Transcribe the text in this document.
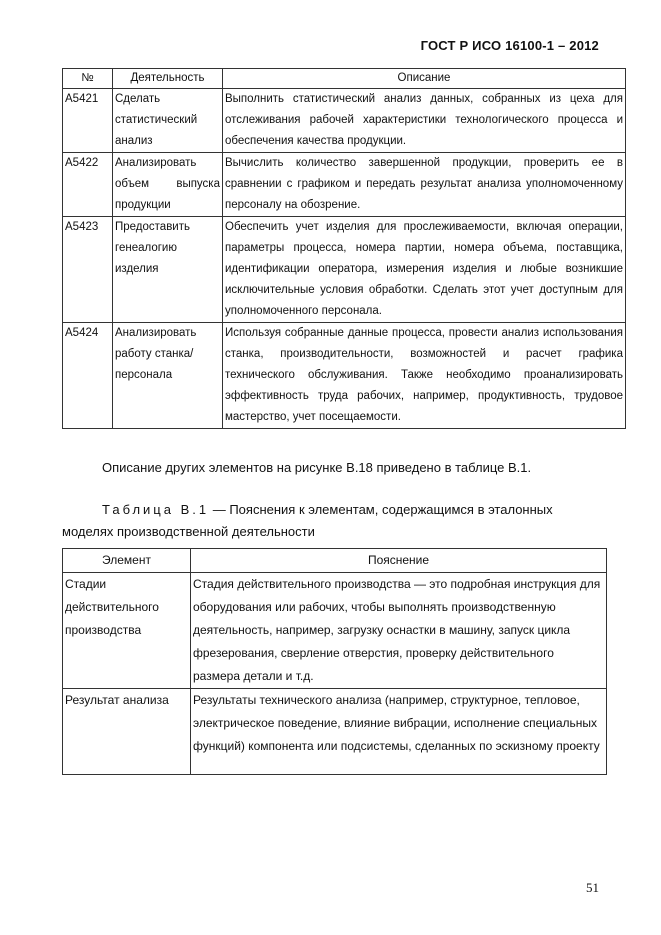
ГОСТ Р ИСО 16100-1 – 2012
№	Деятельность	Описание
A5421	Сделать статистический анализ	Выполнить статистический анализ данных, собранных из цеха для отслеживания рабочей характеристики технологического процесса и обеспечения качества продукции.
A5422	Анализировать объем выпуска продукции	Вычислить количество завершенной продукции, проверить ее в сравнении с графиком и передать результат анализа уполномоченному персоналу на обозрение.
A5423	Предоставить генеалогию изделия	Обеспечить учет изделия для прослеживаемости, включая операции, параметры процесса, номера партии, номера объема, поставщика, идентификации оператора, измерения изделия и любые возникшие исключительные условия обработки. Сделать этот учет доступным для уполномоченного персонала.
A5424	Анализировать работу станка/персонала	Используя собранные данные процесса, провести анализ использования станка, производительности, возможностей и расчет графика технического обслуживания. Также необходимо проанализировать эффективность труда рабочих, например, продуктивность, трудовое мастерство, учет посещаемости.
Описание других элементов на рисунке В.18 приведено в таблице В.1.
Таблица В.1 — Пояснения к элементам, содержащимся в эталонных
моделях производственной деятельности
Элемент	Пояснение
Стадии действительного производства	Стадия действительного производства — это подробная инструкция для оборудования или рабочих, чтобы выполнять производственную деятельность, например, загрузку оснастки в машину, запуск цикла фрезерования, сверление отверстия, проверку действительного размера детали и т.д.
Результат анализа	Результаты технического анализа (например, структурное, тепловое, электрическое поведение, влияние вибрации, исполнение специальных функций) компонента или подсистемы, сделанных по эскизному проекту
51
